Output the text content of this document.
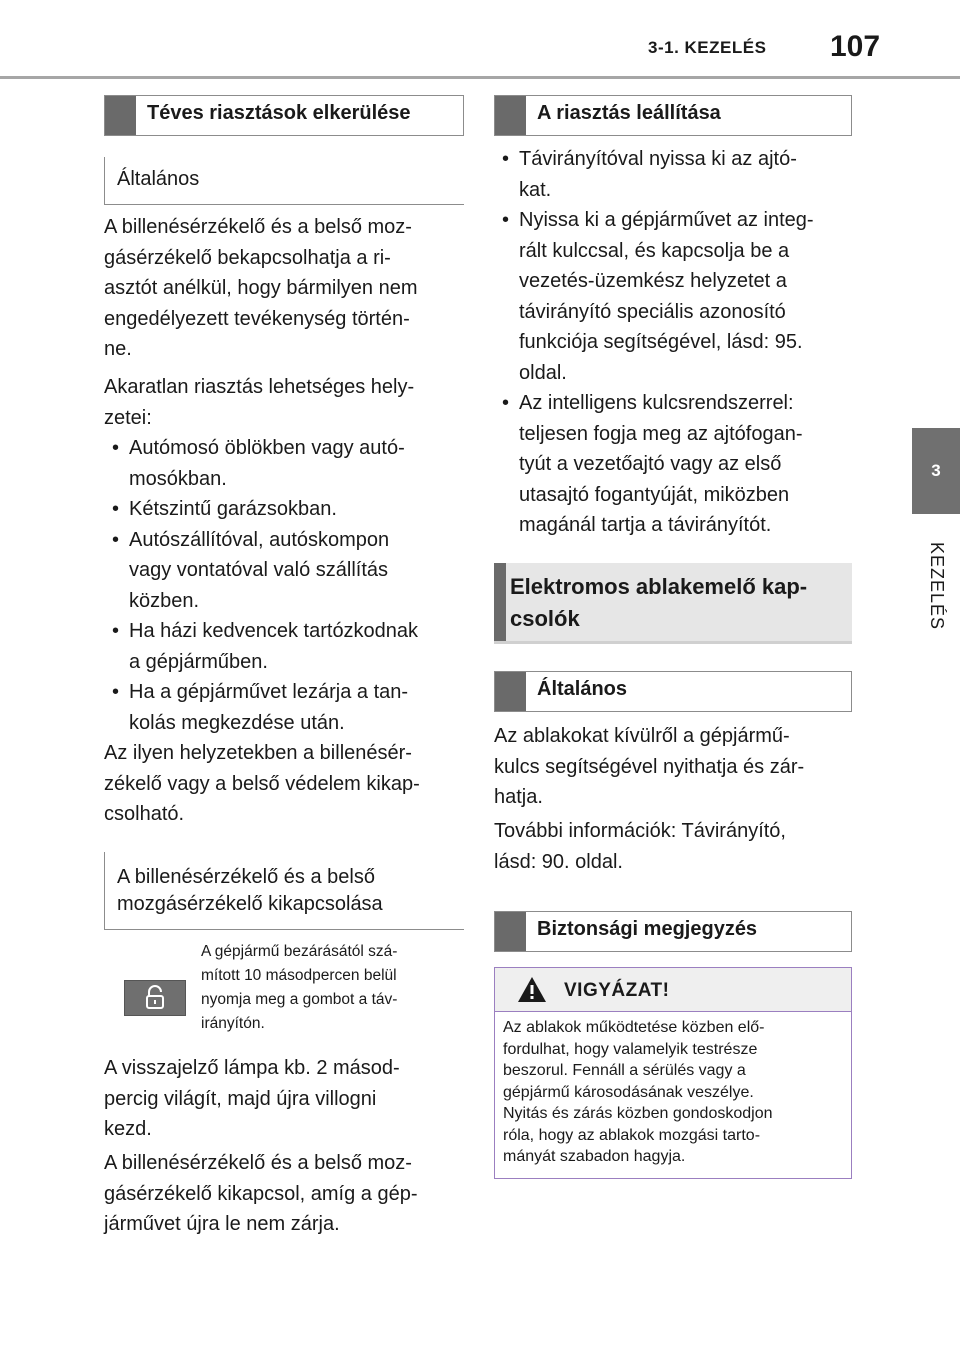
3-1. KEZELÉS 107
3
KEZELÉS
Téves riasztások elkerülése
Általános
A billenésérzékelő és a belső moz-
gásérzékelő bekapcsolhatja a ri-
asztót anélkül, hogy bármilyen nem
engedélyezett tevékenység történ-
ne.
Akaratlan riasztás lehetséges hely-
zetei:
• Autómosó öblökben vagy autó-
mosókban.
• Kétszintű garázsokban.
• Autószállítóval, autóskompon
vagy vontatóval való szállítás
közben.
• Ha házi kedvencek tartózkodnak
a gépjárműben.
• Ha a gépjárművet lezárja a tan-
kolás megkezdése után.
Az ilyen helyzetekben a billenésér-
zékelő vagy a belső védelem kikap-
csolható.
A billenésérzékelő és a belső
mozgásérzékelő kikapcsolása
A gépjármű bezárásától szá-
mított 10 másodpercen belül
nyomja meg a gombot a táv-
irányítón.
A visszajelző lámpa kb. 2 másod-
percig világít, majd újra villogni
kezd.
A billenésérzékelő és a belső moz-
gásérzékelő kikapcsol, amíg a gép-
járművet újra le nem zárja.
A riasztás leállítása
• Távirányítóval nyissa ki az ajtó-
kat.
• Nyissa ki a gépjárművet az integ-
rált kulccsal, és kapcsolja be a
vezetés-üzemkész helyzetet a
távirányító speciális azonosító
funkciója segítségével, lásd: 95.
oldal.
• Az intelligens kulcsrendszerrel:
teljesen fogja meg az ajtófogan-
tyút a vezetőajtó vagy az első
utasajtó fogantyúját, miközben
magánál tartja a távirányítót.
Elektromos ablakemelő kap-
csolók
Általános
Az ablakokat kívülről a gépjármű-
kulcs segítségével nyithatja és zár-
hatja.
További információk: Távirányító,
lásd: 90. oldal.
Biztonsági megjegyzés
VIGYÁZAT!
Az ablakok működtetése közben elő-
fordulhat, hogy valamelyik testrésze
beszorul. Fennáll a sérülés vagy a
gépjármű károsodásának veszélye.
Nyitás és zárás közben gondoskodjon
róla, hogy az ablakok mozgási tarto-
mányát szabadon hagyja.
